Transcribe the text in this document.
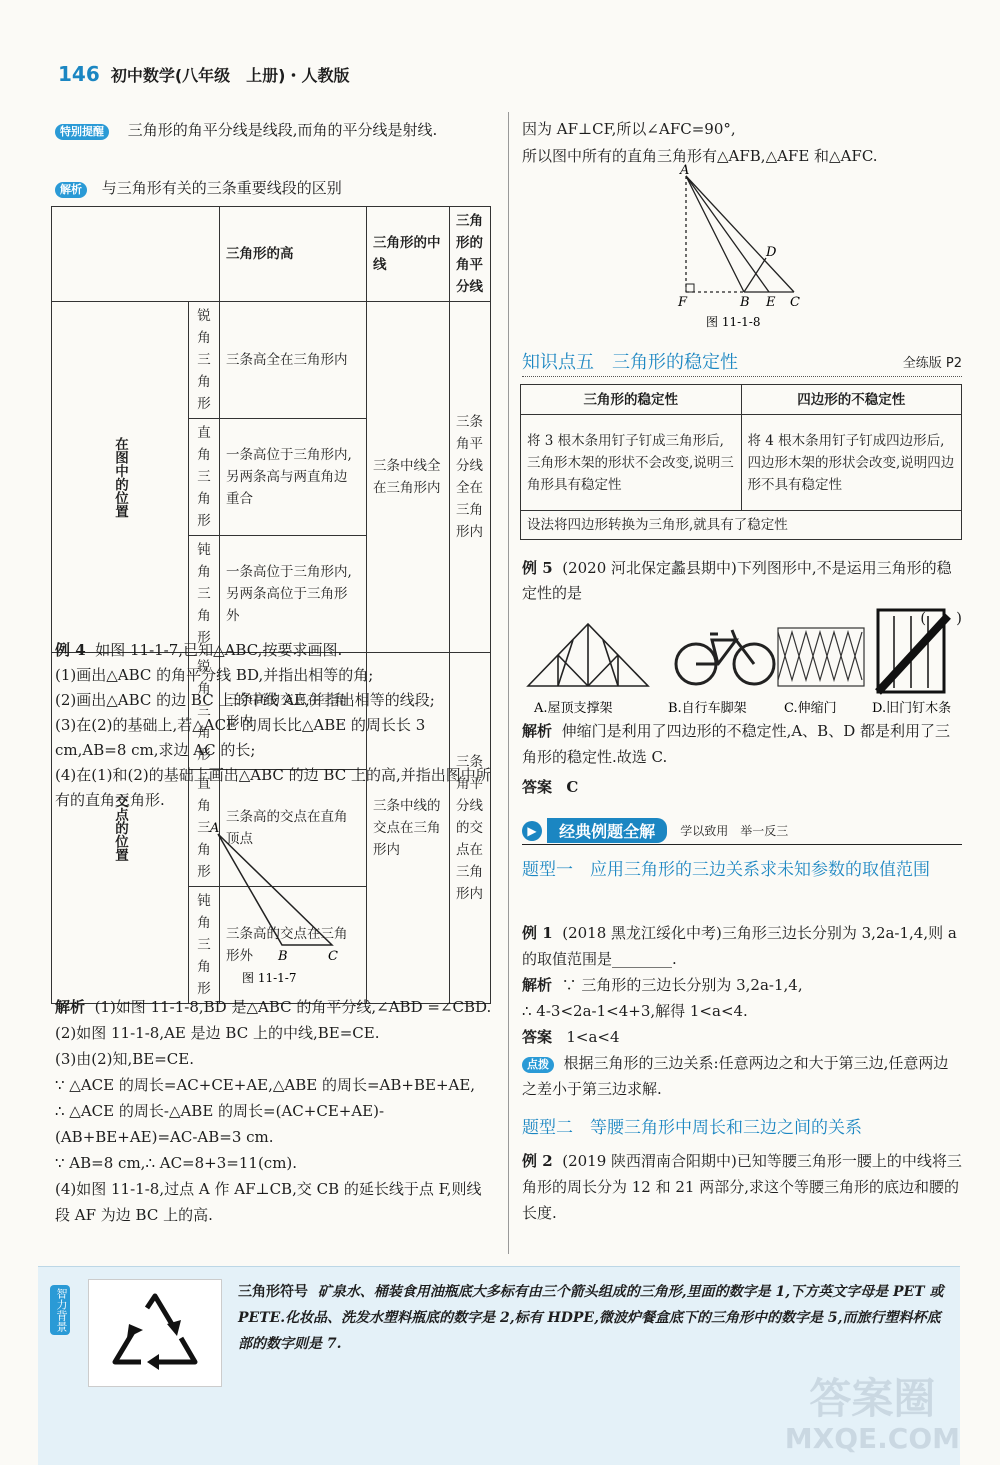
146 初中数学(八年级　上册)・人教版
特别提醒 三角形的角平分线是线段,而角的平分线是射线.
解析 与三角形有关的三条重要线段的区别
		三角形的高	三角形的中线	三角形的角平分线
在图中的位置	锐角三角形	三条高全在三角形内	三条中线全在三角形内	三条角平分线全在三角形内
	直角三角形	一条高位于三角形内,另两条高与两直角边重合		
	钝角三角形	一条高位于三角形内,另两条高位于三角形外		
交点的位置	锐角三角形	三条高的交点在三角形内	三条中线的交点在三角形内	三条角平分线的交点在三角形内
	直角三角形	三条高的交点在直角顶点		
	钝角三角形	三条高的交点在三角形外		
例 4 如图 11-1-7,已知△ABC,按要求画图.
(1)画出△ABC 的角平分线 BD,并指出相等的角;
(2)画出△ABC 的边 BC 上的中线 AE,并指出相等的线段;
(3)在(2)的基础上,若△ACE 的周长比△ABE 的周长长 3 cm,AB=8 cm,求边 AC 的长;
(4)在(1)和(2)的基础上画出△ABC 的边 BC 上的高,并指出图中所有的直角三角形.
A
B	C
图 11-1-7
解析 (1)如图 11-1-8,BD 是△ABC 的角平分线,∠ABD =∠CBD.
(2)如图 11-1-8,AE 是边 BC 上的中线,BE=CE.
(3)由(2)知,BE=CE.
∵ △ACE 的周长=AC+CE+AE,△ABE 的周长=AB+BE+AE,
∴ △ACE 的周长-△ABE 的周长=(AC+CE+AE)-(AB+BE+AE)=AC-AB=3 cm.
∵ AB=8 cm,∴ AC=8+3=11(cm).
(4)如图 11-1-8,过点 A 作 AF⊥CB,交 CB 的延长线于点 F,则线段 AF 为边 BC 上的高.
因为 AF⊥CF,所以∠AFC=90°,
所以图中所有的直角三角形有△AFB,△AFE 和△AFC.
A
D
F	B E C
图 11-1-8
知识点五　三角形的稳定性	全练版 P2
三角形的稳定性	四边形的不稳定性
将 3 根木条用钉子钉成三角形后,三角形木架的形状不会改变,说明三角形具有稳定性	将 4 根木条用钉子钉成四边形后,四边形木架的形状会改变,说明四边形不具有稳定性
设法将四边形转换为三角形,就具有了稳定性	
例 5 (2020 河北保定蠡县期中)下列图形中,不是运用三角形的稳定性的是
(　　)
A.屋顶支撑架	B.自行车脚架	C.伸缩门	D.旧门钉木条
解析 伸缩门是利用了四边形的不稳定性,A、B、D 都是利用了三角形的稳定性.故选 C.
答案 C
▶ 经典例题全解 学以致用　举一反三
题型一　应用三角形的三边关系求未知参数的取值范围
例 1 (2018 黑龙江绥化中考)三角形三边长分别为 3,2a-1,4,则 a 的取值范围是________.
解析 ∵ 三角形的三边长分别为 3,2a-1,4,
∴ 4-3<2a-1<4+3,解得 1<a<4.
答案 1<a<4
点拨 根据三角形的三边关系:任意两边之和大于第三边,任意两边之差小于第三边求解.
题型二　等腰三角形中周长和三边之间的关系
例 2 (2019 陕西渭南合阳期中)已知等腰三角形一腰上的中线将三角形的周长分为 12 和 21 两部分,求这个等腰三角形的底边和腰的长度.
智力背景	三角形符号 矿泉水、桶装食用油瓶底大多标有由三个箭头组成的三角形,里面的数字是 1,下方英文字母是 PET 或 PETE.化妆品、洗发水塑料瓶底的数字是 2,标有 HDPE,微波炉餐盒底下的三角形中的数字是 5,而旅行塑料杯底部的数字则是 7.
答案圈
MXQE.COM
